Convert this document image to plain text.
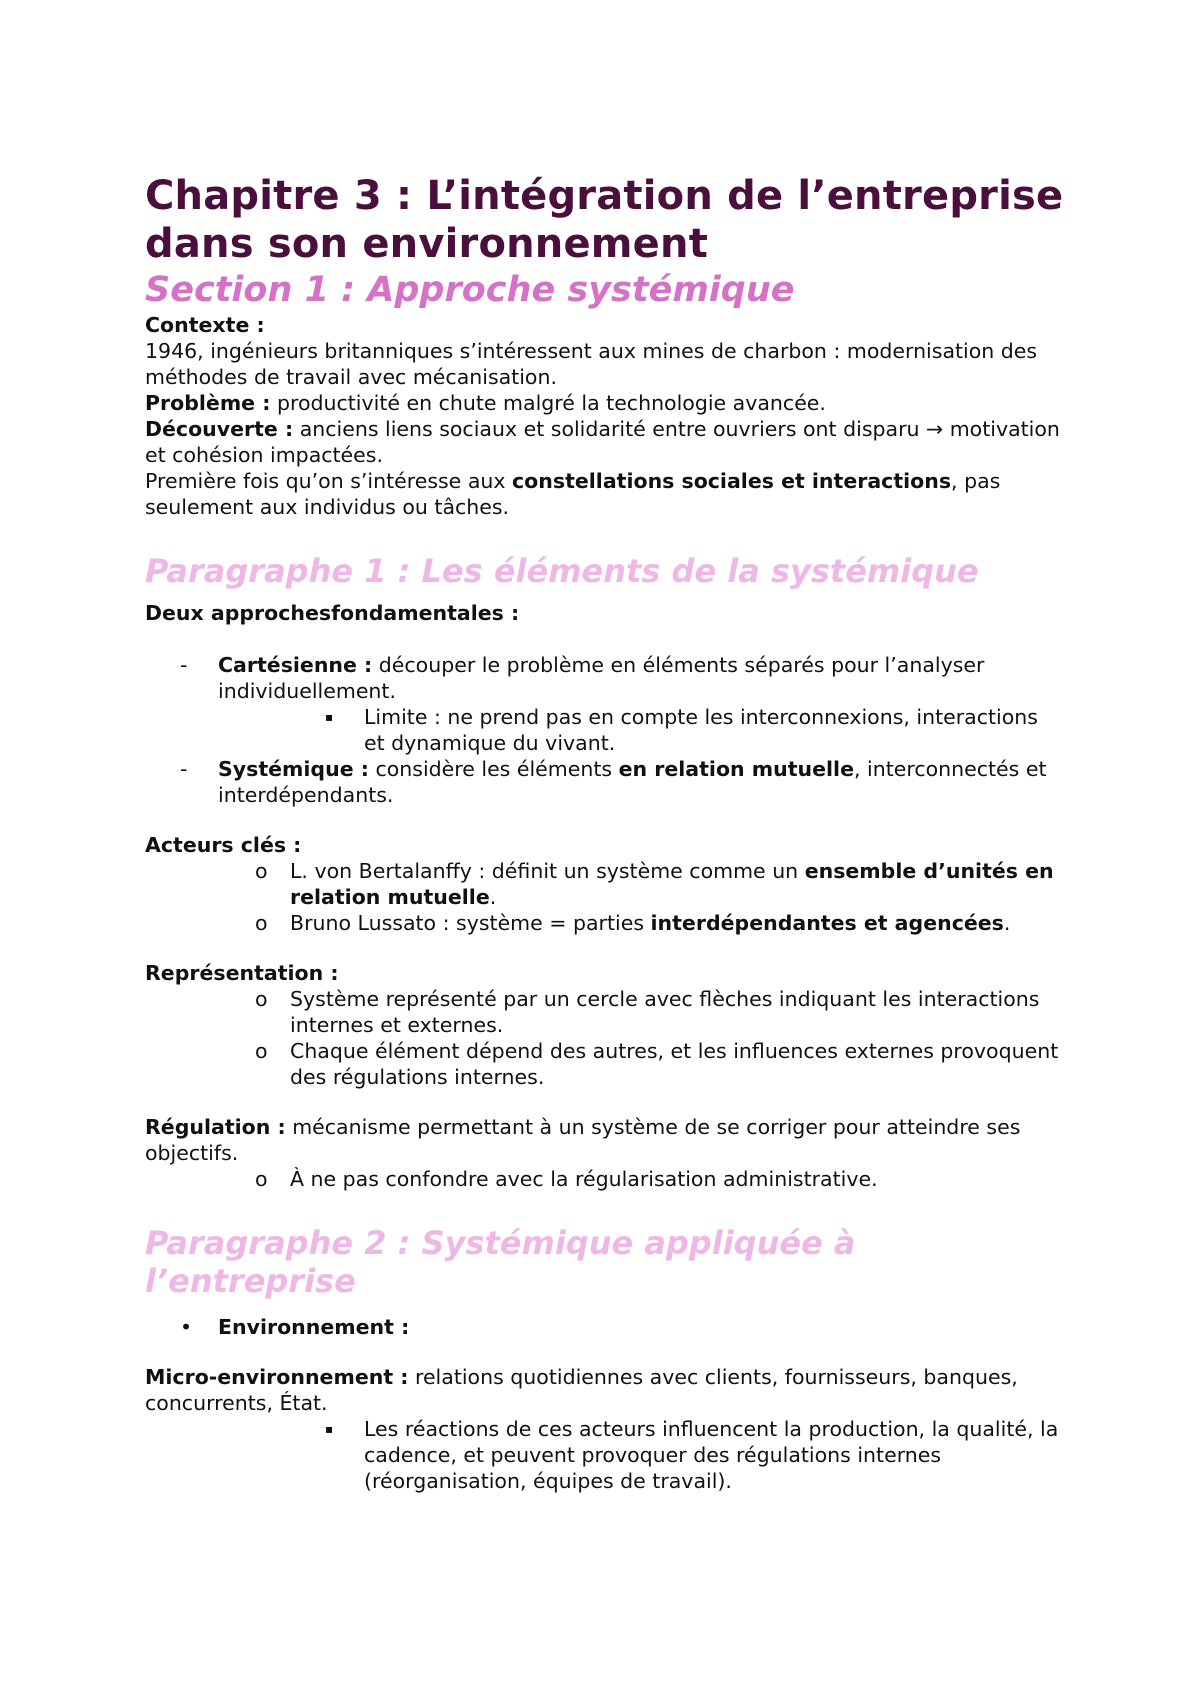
Chapitre 3 : L’intégration de l’entreprise dans son environnement
Section 1 : Approche systémique

Contexte :

1946, ingénieurs britanniques s’intéressent aux mines de charbon : modernisation des méthodes de travail avec mécanisation.

Problème : productivité en chute malgré la technologie avancée.

Découverte : anciens liens sociaux et solidarité entre ouvriers ont disparu → motivation et cohésion impactées.

Première fois qu’on s’intéresse aux constellations sociales et interactions, pas seulement aux individus ou tâches.

Paragraphe 1 : Les éléments de la systémique

Deux approchesfondamentales :

-	Cartésienne : découper le problème en éléments séparés pour l’analyser individuellement.
▪	Limite : ne prend pas en compte les interconnexions, interactions et dynamique du vivant.
-	Systémique : considère les éléments en relation mutuelle, interconnectés et interdépendants.

Acteurs clés :

o	L. von Bertalanffy : définit un système comme un ensemble d’unités en relation mutuelle.
o	Bruno Lussato : système = parties interdépendantes et agencées.

Représentation :

o	Système représenté par un cercle avec flèches indiquant les interactions internes et externes.
o	Chaque élément dépend des autres, et les influences externes provoquent des régulations internes.

Régulation : mécanisme permettant à un système de se corriger pour atteindre ses objectifs.

o	À ne pas confondre avec la régularisation administrative.
Paragraphe 2 : Systémique appliquée à l’entreprise
•	Environnement :

Micro-environnement : relations quotidiennes avec clients, fournisseurs, banques, concurrents, État.

▪	Les réactions de ces acteurs influencent la production, la qualité, la cadence, et peuvent provoquer des régulations internes (réorganisation, équipes de travail).
